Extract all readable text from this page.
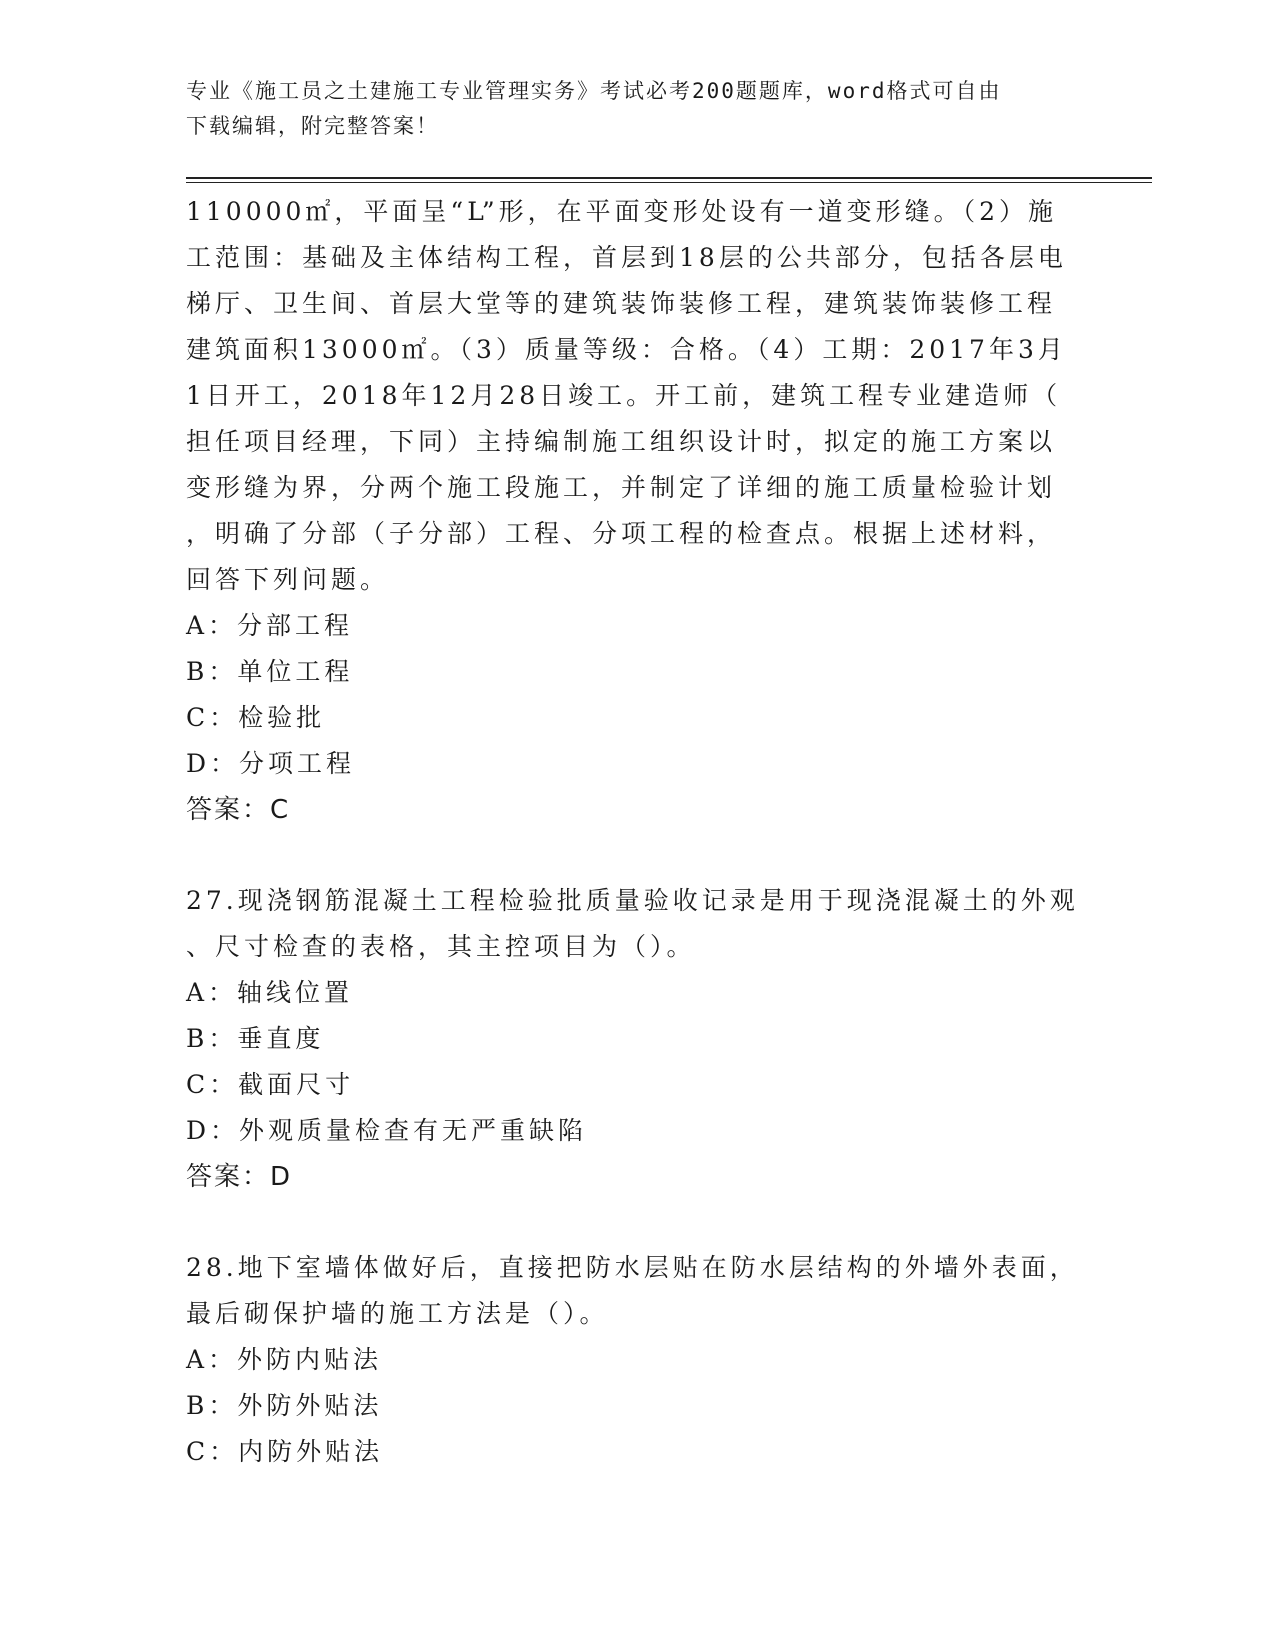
专业《施工员之土建施工专业管理实务》考试必考200题题库，word格式可自由
下载编辑，附完整答案！
110000㎡，平面呈“L”形，在平面变形处设有一道变形缝。（2）施
工范围：基础及主体结构工程，首层到18层的公共部分，包括各层电
梯厅、卫生间、首层大堂等的建筑装饰装修工程，建筑装饰装修工程
建筑面积13000㎡。（3）质量等级：合格。（4）工期：2017年3月
1日开工，2018年12月28日竣工。开工前，建筑工程专业建造师（
担任项目经理，下同）主持编制施工组织设计时，拟定的施工方案以
变形缝为界，分两个施工段施工，并制定了详细的施工质量检验计划
，明确了分部（子分部）工程、分项工程的检查点。根据上述材料，
回答下列问题。
A：分部工程
B：单位工程
C：检验批
D：分项工程
答案：C
27.现浇钢筋混凝土工程检验批质量验收记录是用于现浇混凝土的外观
、尺寸检查的表格，其主控项目为（）。
A：轴线位置
B：垂直度
C：截面尺寸
D：外观质量检查有无严重缺陷
答案：D
28.地下室墙体做好后，直接把防水层贴在防水层结构的外墙外表面，
最后砌保护墙的施工方法是（）。
A：外防内贴法
B：外防外贴法
C：内防外贴法
